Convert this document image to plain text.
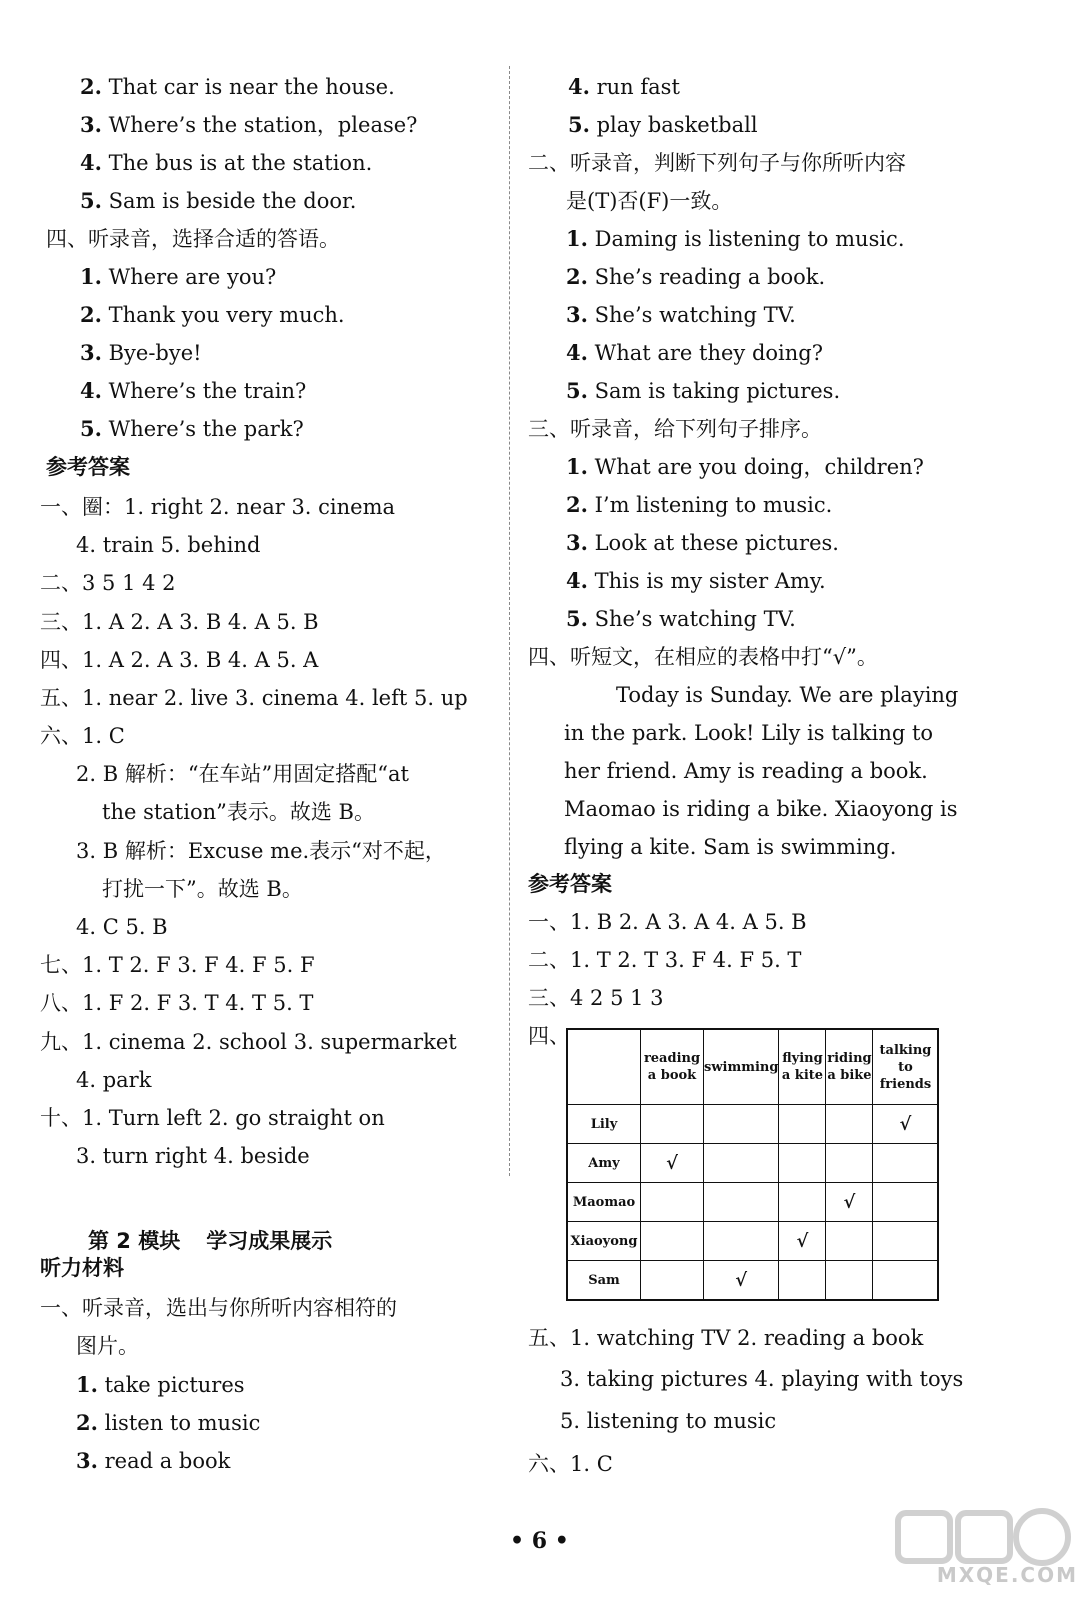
2. That car is near the house.
3. Where’s the station，please?
4. The bus is at the station.
5. Sam is beside the door.
四、听录音，选择合适的答语。
1. Where are you?
2. Thank you very much.
3. Bye-bye!
4. Where’s the train?
5. Where’s the park?
参考答案
一、圈：1. right 2. near 3. cinema
4. train 5. behind
二、3 5 1 4 2
三、1. A 2. A 3. B 4. A 5. B
四、1. A 2. A 3. B 4. A 5. A
五、1. near 2. live 3. cinema 4. left 5. up
六、1. C
2. B 解析：“在车站”用固定搭配“at
the station”表示。故选 B。
3. B 解析：Excuse me.表示“对不起，
打扰一下”。故选 B。
4. C 5. B
七、1. T 2. F 3. F 4. F 5. F
八、1. F 2. F 3. T 4. T 5. T
九、1. cinema 2. school 3. supermarket
4. park
十、1. Turn left 2. go straight on
3. turn right 4. beside
听力材料
一、听录音，选出与你所听内容相符的
图片。
1. take pictures
2. listen to music
3. read a book
4. run fast
5. play basketball
二、听录音，判断下列句子与你所听内容
是(T)否(F)一致。
1. Daming is listening to music.
2. She’s reading a book.
3. She’s watching TV.
4. What are they doing?
5. Sam is taking pictures.
三、听录音，给下列句子排序。
1. What are you doing，children?
2. I’m listening to music.
3. Look at these pictures.
4. This is my sister Amy.
5. She’s watching TV.
四、听短文，在相应的表格中打“√”。
Today is Sunday. We are playing
in the park. Look! Lily is talking to
her friend. Amy is reading a book.
Maomao is riding a bike. Xiaoyong is
flying a kite. Sam is swimming.
参考答案
一、1. B 2. A 3. A 4. A 5. B
二、1. T 2. T 3. F 4. F 5. T
三、4 2 5 1 3
四、
五、1. watching TV 2. reading a book
3. taking pictures 4. playing with toys
5. listening to music
六、1. C
第 2 模块 学习成果展示
	reading
a book	swimming	flying
a kite	riding
a bike	talking to
friends
Lily					√
Amy	√				
Maomao				√	
Xiaoyong			√		
Sam		√			
• 6 •
MXQE.COM
